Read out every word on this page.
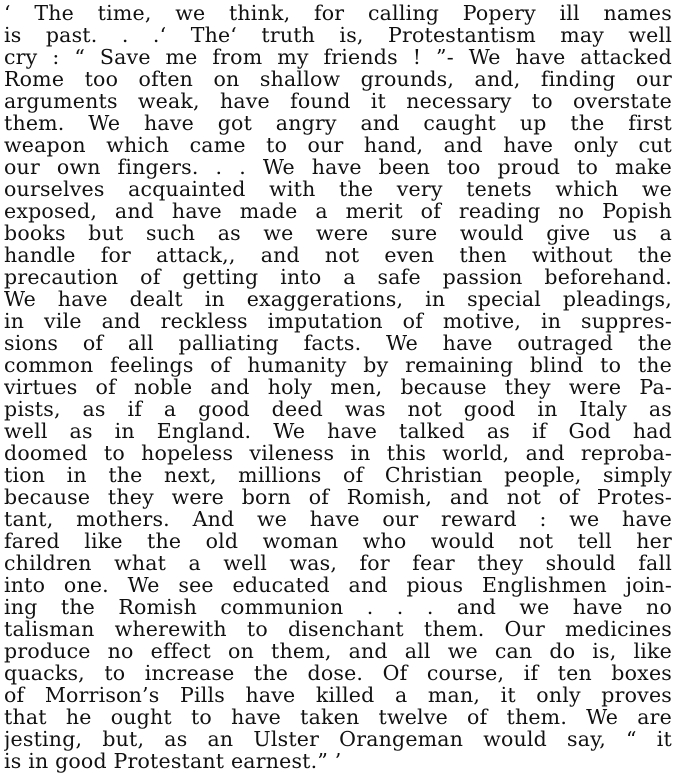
‘ The time, we think, for calling Popery ill names
is past. . .‘ The‘ truth is, Protestantism may well
cry : “ Save me from my friends ! ”- We have attacked
Rome too often on shallow grounds, and, finding our
arguments weak, have found it necessary to overstate
them. We have got angry and caught up the first
weapon which came to our hand, and have only cut
our own fingers. . . We have been too proud to make
ourselves acquainted with the very tenets which we
exposed, and have made a merit of reading no Popish
books but such as we were sure would give us a
handle for attack,, and not even then without the
precaution of getting into a safe passion beforehand.
We have dealt in exaggerations, in special pleadings,
in vile and reckless imputation of motive, in suppres-
sions of all palliating facts. We have outraged the
common feelings of humanity by remaining blind to the
virtues of noble and holy men, because they were Pa-
pists, as if a good deed was not good in Italy as
well as in England. We have talked as if God had
doomed to hopeless vileness in this world, and reproba-
tion in the next, millions of Christian people, simply
because they were born of Romish, and not of Protes-
tant, mothers. And we have our reward : we have
fared like the old woman who would not tell her
children what a well was, for fear they should fall
into one. We see educated and pious Englishmen join-
ing the Romish communion . . . and we have no
talisman wherewith to disenchant them. Our medicines
produce no effect on them, and all we can do is, like
quacks, to increase the dose. Of course, if ten boxes
of Morrison’s Pills have killed a man, it only proves
that he ought to have taken twelve of them. We are
jesting, but, as an Ulster Orangeman would say, “ it
is in good Protestant earnest.” ’
